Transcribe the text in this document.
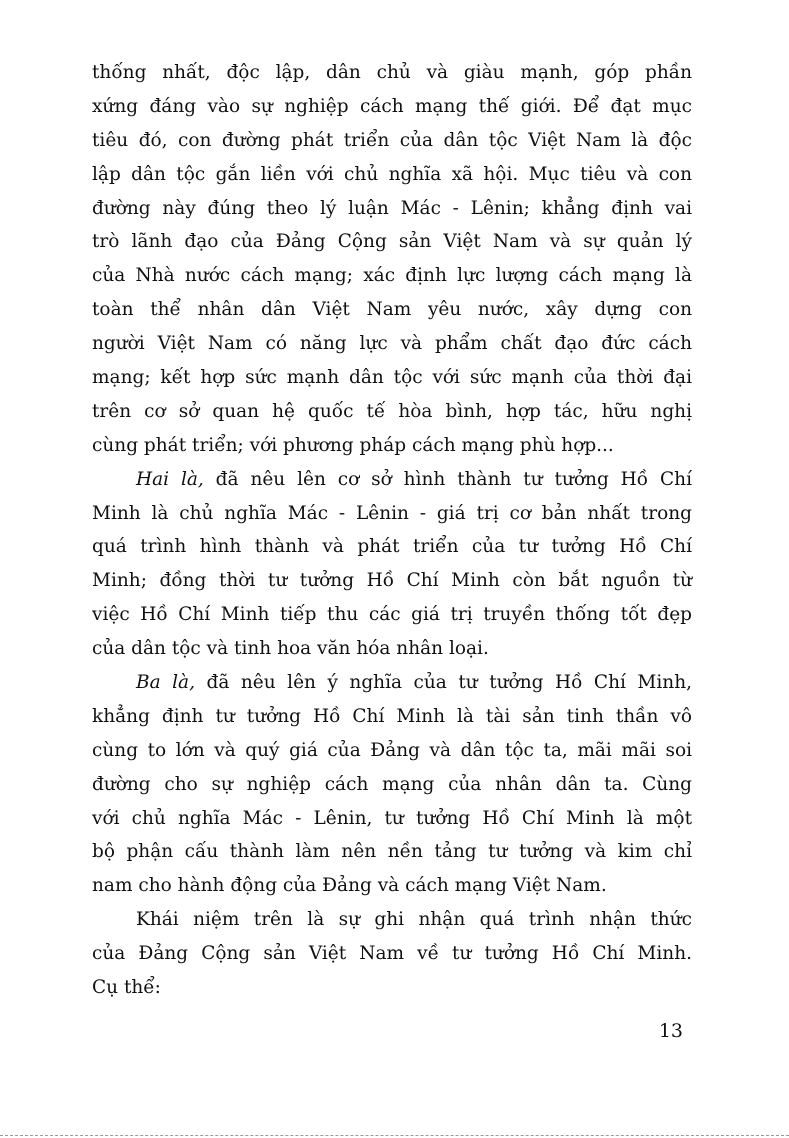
thống nhất, độc lập, dân chủ và giàu mạnh, góp phần
xứng đáng vào sự nghiệp cách mạng thế giới. Để đạt mục
tiêu đó, con đường phát triển của dân tộc Việt Nam là độc
lập dân tộc gắn liền với chủ nghĩa xã hội. Mục tiêu và con
đường này đúng theo lý luận Mác - Lênin; khẳng định vai
trò lãnh đạo của Đảng Cộng sản Việt Nam và sự quản lý
của Nhà nước cách mạng; xác định lực lượng cách mạng là
toàn thể nhân dân Việt Nam yêu nước, xây dựng con
người Việt Nam có năng lực và phẩm chất đạo đức cách
mạng; kết hợp sức mạnh dân tộc với sức mạnh của thời đại
trên cơ sở quan hệ quốc tế hòa bình, hợp tác, hữu nghị
cùng phát triển; với phương pháp cách mạng phù hợp...
Hai là, đã nêu lên cơ sở hình thành tư tưởng Hồ Chí
Minh là chủ nghĩa Mác - Lênin - giá trị cơ bản nhất trong
quá trình hình thành và phát triển của tư tưởng Hồ Chí
Minh; đồng thời tư tưởng Hồ Chí Minh còn bắt nguồn từ
việc Hồ Chí Minh tiếp thu các giá trị truyền thống tốt đẹp
của dân tộc và tinh hoa văn hóa nhân loại.
Ba là, đã nêu lên ý nghĩa của tư tưởng Hồ Chí Minh,
khẳng định tư tưởng Hồ Chí Minh là tài sản tinh thần vô
cùng to lớn và quý giá của Đảng và dân tộc ta, mãi mãi soi
đường cho sự nghiệp cách mạng của nhân dân ta. Cùng
với chủ nghĩa Mác - Lênin, tư tưởng Hồ Chí Minh là một
bộ phận cấu thành làm nên nền tảng tư tưởng và kim chỉ
nam cho hành động của Đảng và cách mạng Việt Nam.
Khái niệm trên là sự ghi nhận quá trình nhận thức
của Đảng Cộng sản Việt Nam về tư tưởng Hồ Chí Minh.
Cụ thể:
13
